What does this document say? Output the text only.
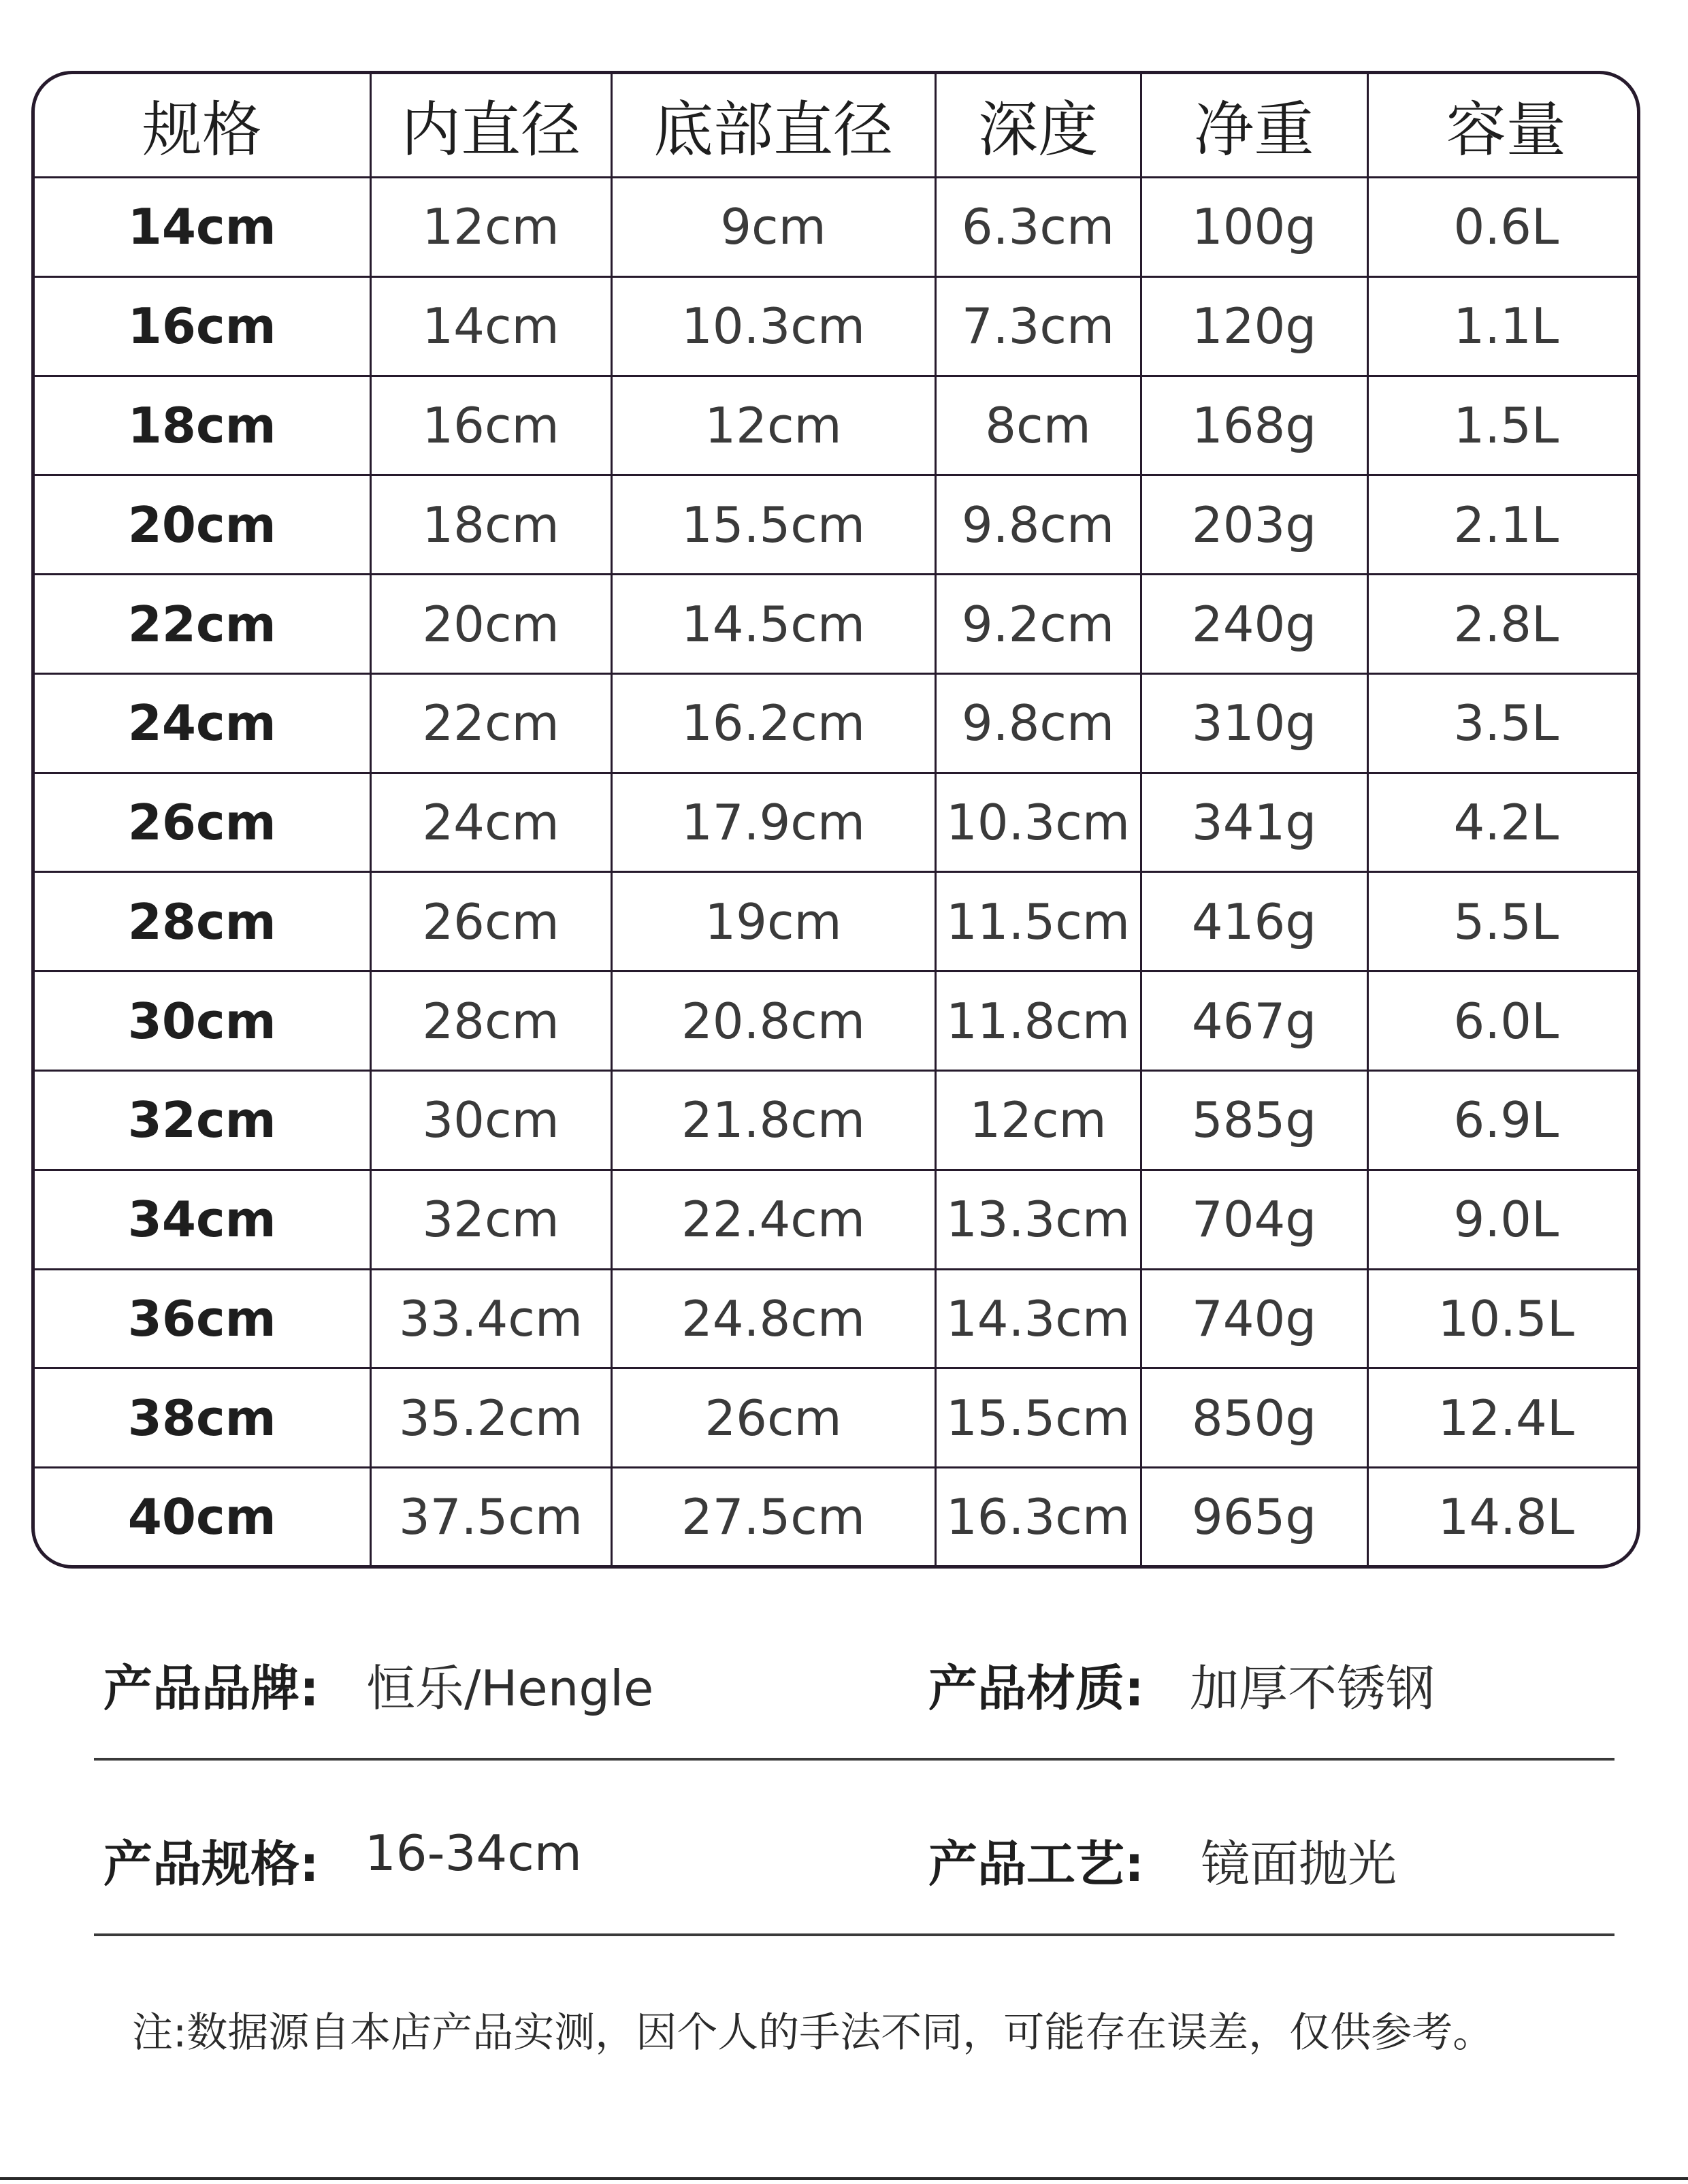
规格	内直径	底部直径	深度	净重	容量
14cm	12cm	9cm	6.3cm	100g	0.6L
16cm	14cm	10.3cm	7.3cm	120g	1.1L
18cm	16cm	12cm	8cm	168g	1.5L
20cm	18cm	15.5cm	9.8cm	203g	2.1L
22cm	20cm	14.5cm	9.2cm	240g	2.8L
24cm	22cm	16.2cm	9.8cm	310g	3.5L
26cm	24cm	17.9cm	10.3cm	341g	4.2L
28cm	26cm	19cm	11.5cm	416g	5.5L
30cm	28cm	20.8cm	11.8cm	467g	6.0L
32cm	30cm	21.8cm	12cm	585g	6.9L
34cm	32cm	22.4cm	13.3cm	704g	9.0L
36cm	33.4cm	24.8cm	14.3cm	740g	10.5L
38cm	35.2cm	26cm	15.5cm	850g	12.4L
40cm	37.5cm	27.5cm	16.3cm	965g	14.8L
产品品牌: 恒乐/Hengle	产品材质: 加厚不锈钢
产品规格: 16-34cm	产品工艺: 镜面抛光
注:数据源自本店产品实测，因个人的手法不同，可能存在误差，仅供参考。
